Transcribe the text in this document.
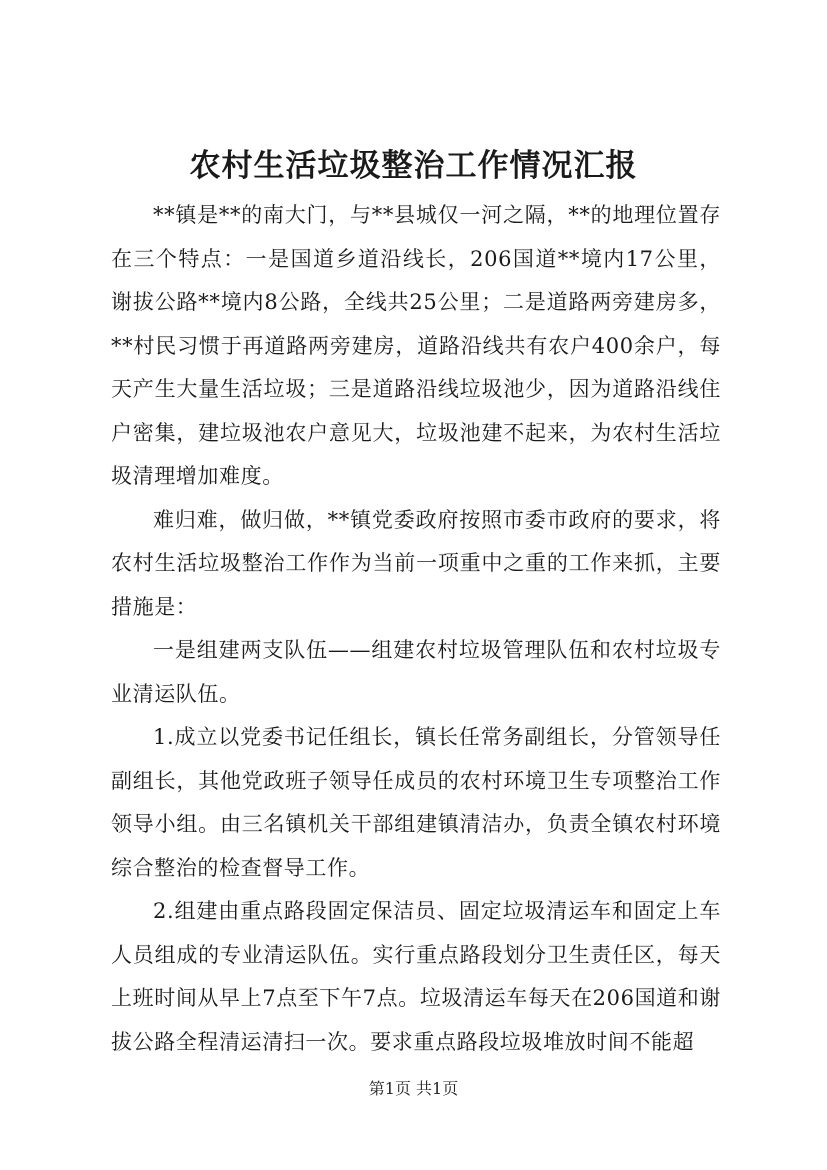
农村生活垃圾整治工作情况汇报

**镇是**的南大门，与**县城仅一河之隔，**的地理位置存在三个特点：一是国道乡道沿线长，206国道**境内17公里，谢拔公路**境内8公路，全线共25公里；二是道路两旁建房多，**村民习惯于再道路两旁建房，道路沿线共有农户400余户，每天产生大量生活垃圾；三是道路沿线垃圾池少，因为道路沿线住户密集，建垃圾池农户意见大，垃圾池建不起来，为农村生活垃圾清理增加难度。

难归难，做归做，**镇党委政府按照市委市政府的要求，将农村生活垃圾整治工作作为当前一项重中之重的工作来抓，主要措施是：

一是组建两支队伍——组建农村垃圾管理队伍和农村垃圾专业清运队伍。

1.成立以党委书记任组长，镇长任常务副组长，分管领导任副组长，其他党政班子领导任成员的农村环境卫生专项整治工作领导小组。由三名镇机关干部组建镇清洁办，负责全镇农村环境综合整治的检查督导工作。

2.组建由重点路段固定保洁员、固定垃圾清运车和固定上车人员组成的专业清运队伍。实行重点路段划分卫生责任区，每天上班时间从早上7点至下午7点。垃圾清运车每天在206国道和谢拔公路全程清运清扫一次。要求重点路段垃圾堆放时间不能超

第1页 共1页
